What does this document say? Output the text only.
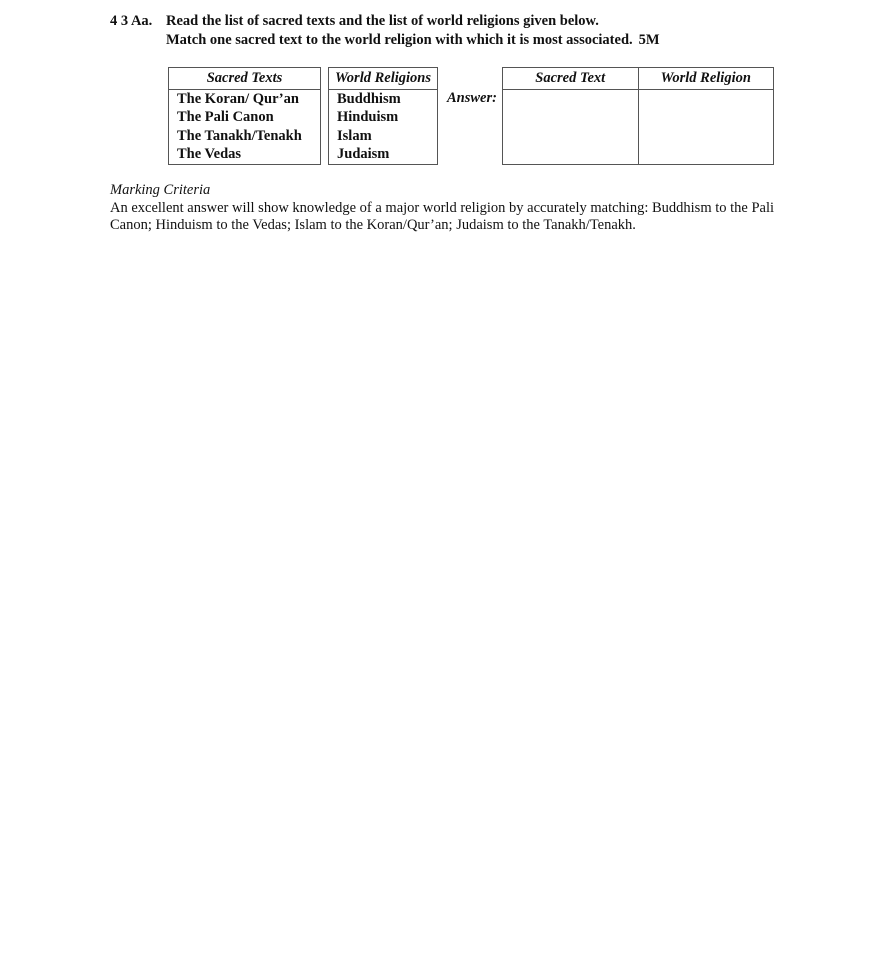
4 3 Aa. Read the list of sacred texts and the list of world religions given below.
Match one sacred text to the world religion with which it is most associated. 5M
Sacred Texts
The Koran/ Qur’an
The Pali Canon
The Tanakh/Tenakh
The Vedas
World Religions
Buddhism
Hinduism
Islam
Judaism
Answer:
Sacred Text	World Religion

Marking Criteria
An excellent answer will show knowledge of a major world religion by accurately matching: Buddhism to the Pali Canon; Hinduism to the Vedas; Islam to the Koran/Qur’an; Judaism to the Tanakh/Tenakh.
